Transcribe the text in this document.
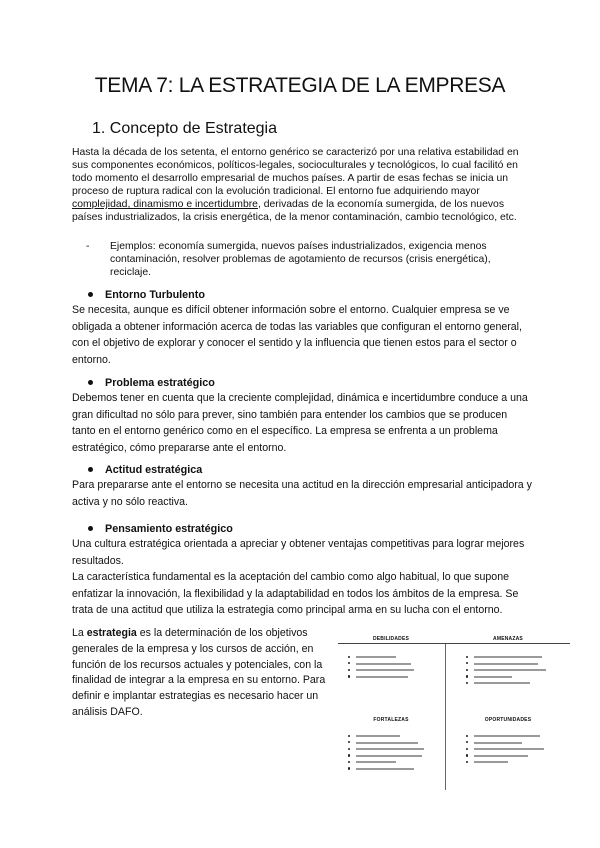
TEMA 7: LA ESTRATEGIA DE LA EMPRESA
1. Concepto de Estrategia

Hasta la década de los setenta, el entorno genérico se caracterizó por una relativa estabilidad en sus componentes económicos, políticos-legales, socioculturales y tecnológicos, lo cual facilitó en todo momento el desarrollo empresarial de muchos países. A partir de esas fechas se inicia un proceso de ruptura radical con la evolución tradicional. El entorno fue adquiriendo mayor complejidad, dinamismo e incertidumbre, derivadas de la economía sumergida, de los nuevos países industrializados, la crisis energética, de la menor contaminación, cambio tecnológico, etc.

- Ejemplos: economía sumergida, nuevos países industrializados, exigencia menos contaminación, resolver problemas de agotamiento de recursos (crisis energética), reciclaje.

Entorno Turbulento

Se necesita, aunque es difícil obtener información sobre el entorno. Cualquier empresa se ve obligada a obtener información acerca de todas las variables que configuran el entorno general, con el objetivo de explorar y conocer el sentido y la influencia que tienen estos para el sector o entorno.

Problema estratégico

Debemos tener en cuenta que la creciente complejidad, dinámica e incertidumbre conduce a una gran dificultad no sólo para prever, sino también para entender los cambios que se producen tanto en el entorno genérico como en el específico. La empresa se enfrenta a un problema estratégico, cómo prepararse ante el entorno.

Actitud estratégica

Para prepararse ante el entorno se necesita una actitud en la dirección empresarial anticipadora y activa y no sólo reactiva.

Pensamiento estratégico

Una cultura estratégica orientada a apreciar y obtener ventajas competitivas para lograr mejores resultados.

La característica fundamental es la aceptación del cambio como algo habitual, lo que supone enfatizar la innovación, la flexibilidad y la adaptabilidad en todos los ámbitos de la empresa. Se trata de una actitud que utiliza la estrategia como principal arma en su lucha con el entorno.

La estrategia es la determinación de los objetivos generales de la empresa y los cursos de acción, en función de los recursos actuales y potenciales, con la finalidad de integrar a la empresa en su entorno. Para definir e implantar estrategias es necesario hacer un análisis DAFO.

DEBILIDADES	AMENAZAS
FORTALEZAS	OPORTUNIDADES
